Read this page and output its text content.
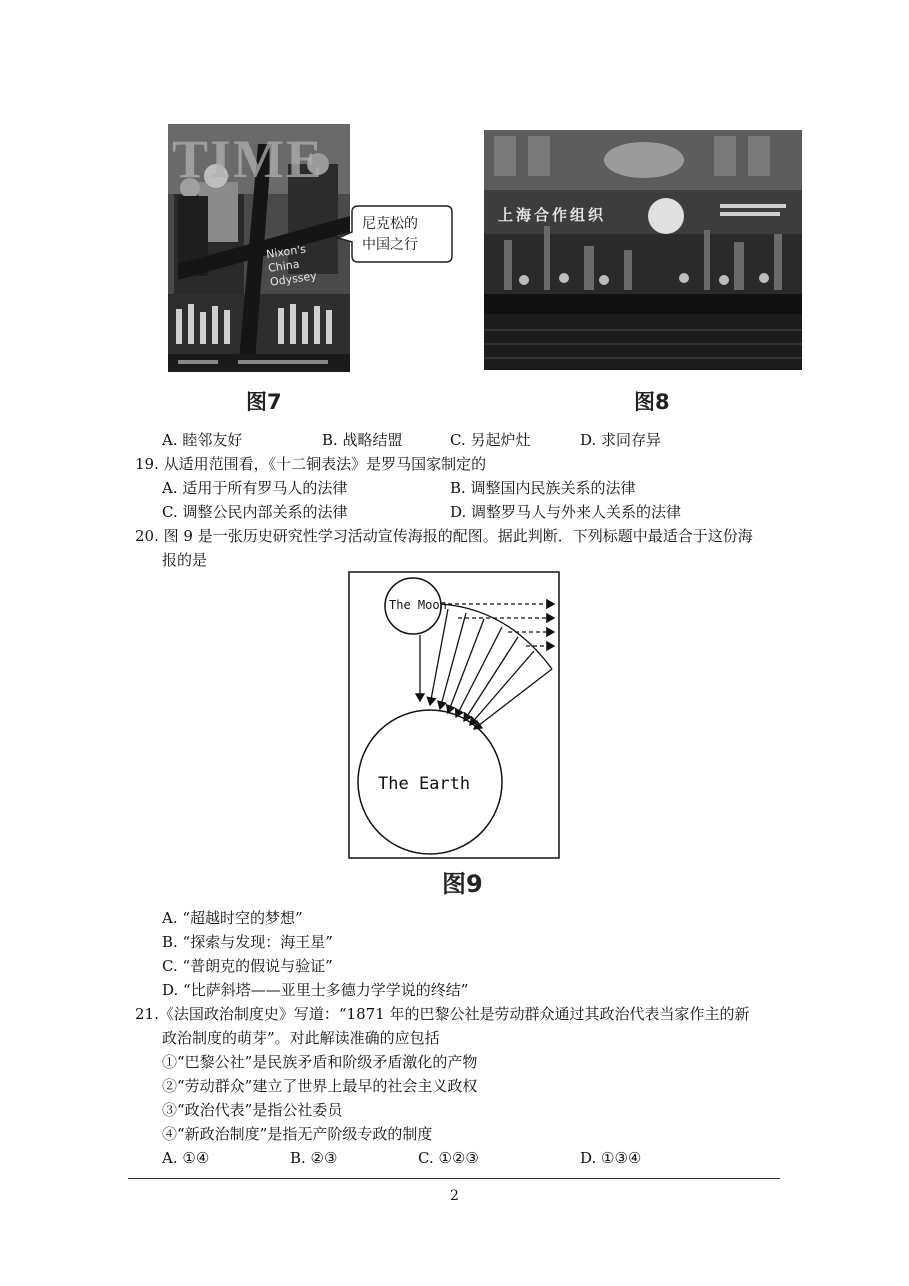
TIME
Nixon's China Odyssey
尼克松的
中国之行
图7
上海合作组织
图8
A. 睦邻友好	B. 战略结盟	C. 另起炉灶	D. 求同存异
19. 从适用范围看，《十二铜表法》是罗马国家制定的
A. 适用于所有罗马人的法律	B. 调整国内民族关系的法律
C. 调整公民内部关系的法律	D. 调整罗马人与外来人关系的法律
20. 图 9 是一张历史研究性学习活动宣传海报的配图。据此判断．下列标题中最适合于这份海
报的是
The Moon
The Earth
图9
A. “超越时空的梦想”
B. “探索与发现：海王星”
C. “普朗克的假说与验证”
D. “比萨斜塔——亚里士多德力学学说的终结”
21.《法国政治制度史》写道：“1871 年的巴黎公社是劳动群众通过其政治代表当家作主的新
政治制度的萌芽”。对此解读准确的应包括
①“巴黎公社”是民族矛盾和阶级矛盾激化的产物
②“劳动群众”建立了世界上最早的社会主义政权
③“政治代表”是指公社委员
④“新政治制度”是指无产阶级专政的制度
A. ①④	B. ②③	C. ①②③	D. ①③④
2
